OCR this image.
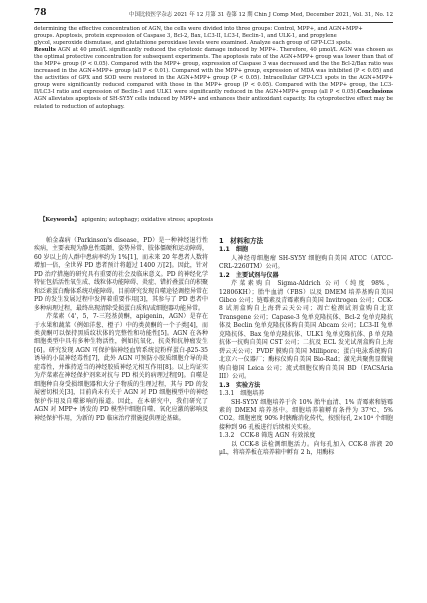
78	中国比较医学杂志 2021 年 12 月第 31 卷第 12 期 Chin J Comp Med, December 2021, Vol. 31, No. 12

determining the effective concentration of AGN, the cells were divided into three groups: Control, MPP+, and AGN+MPP+

groups. Apoptosis, protein expression of Caspase 3, Bcl-2, Bax, LC3-II, LC3-I, Beclin-1, and ULK-1, and propylene

glycol, superoxide dismutase, and glutathione peroxidase levels were examined. Analyze each group of GFP-LC3 spots.

Results AGN at 40 μmol/L significantly reduced the cytotoxic damage induced by MPP+. Therefore, 40 μmol/L AGN was chosen as the optimal protective concentration for subsequent experiments. The apoptosis rate of the AGN+MPP+ group was lower than that of the MPP+ group (P < 0.05). Compared with the MPP+ group, expression of Caspase 3 was decreased and the the Bcl-2/Bax ratio was increased in the AGN+MPP+ group (all P < 0.01). Compared with the MPP+ group, expression of MDA was inhibited (P < 0.05) and the activities of GPX and SOD were restored in the AGN+MPP+ group (P < 0.05). Intracellular GFP-LC3 spots in the AGN+MPP+ group were significantly reduced compared with those in the MPP+ group (P < 0.05). Compared with the MPP+ group, the LC3-II/LC3-I ratio and expression of Beclin-1 and ULK1 were significantly reduced in the AGN+MPP+ group (all P < 0.05).Conclusions AGN alleviates apoptosis of SH-SY5Y cells induced by MPP+ and enhances their antioxidant capacity. Its cytoprotective effect may be related to reduction of autophagy.

【Keywords】 apigenin; autophagy; oxidative stress; apoptosis

帕金森病（Parkinson's disease，PD）是一种神经退行性疾病，主要表现为静息性震颤、姿势异常、肢体僵硬和运动障碍，60 岁以上的人群中患病率约为 1%[1]，而未来 20 年患者人数将增加一倍，全世界 PD 患者预计将超过 1400 万[2]。因此，针对 PD 治疗措施的研究具有重要的社会及临床意义。PD 的神经化学特征包括活性氧生成、线粒体功能障碍、炎症、错折叠蛋白的积聚和泛素蛋白酶体系统功能障碍。目前研究发现自噬途径调控异常在 PD 的发生发展过程中发挥着重要作用[3]，其参与了 PD 患者中多种病理过程，最终出现清除受损蛋白质和/或细胞器功能异常。

芹菜素（4'，5，7-三羟基黄酮，apigenin，AGN）是存在于水果和蔬菜（例如洋葱、橙子）中的类黄酮的一个子类[4]，而类黄酮可以保持黑质纹状体的完整性和功能性[5]。AGN 在各种细胞类型中具有多种生物活性，例如抗氧化、抗炎和抗肿瘤发生[6]。研究发现 AGN 可保护脑神经血管系统淀粉样蛋白-β25-35诱导的小鼠神经毒性[7]，此外 AGN 可预防小胶质细胞介导的炎症毒性，并维持适当的神经胶质神经元相互作用[8]。以上均证实为芹菜素在神经保护剂来对抗与 PD 相关的病理过程[9]。自噬是细胞种自身受损细胞器和大分子物质的生理过程，其与 PD 的发展密切相关[3]，目前尚未有关于 AGN 对 PD 细胞模型中的神经保护作用及自噬影响的报道。因此，在本研究中，我们研究了 AGN 对 MPP+ 诱发的 PD 模型中细胞自噬、氧化应激的影响及神经保护作用，为新的 PD 临床治疗措施提供理论基础。

1　材料和方法

1.1　细胞

人神经母细胞瘤 SH-SY5Y 细胞购自美国 ATCC（ATCC-CRL-2260TM）公司。

1.2　主要试剂与仪器

芹菜素购自 Sigma-Aldrich 公司（纯度 98%，12806KH）；胎牛血清（FBS）以及 DMEM 培养基购自美国 Gibco 公司；链霉素及青霉素购自美国 Invitrogen 公司；CCK-8 试剂盒购自上海碧云天公司；凋亡检测试剂盒购自北京 Transgene 公司；Capase-3 兔单克隆抗体、Bcl-2 兔单克隆抗体及 Beclin 兔单克隆抗体购自美国 Abcam 公司；LC3-II 兔单克隆抗体、Bax 兔单克隆抗体、ULK1 兔单克隆抗体、β 单克隆抗体一抗购自美国 CST 公司；二抗及 ECL 发光试剂盒购自上海碧云天公司；PVDF 膜购自美国 Millipore；蛋白电泳系统购自北京六一仪器厂；酶标仪购自美国 Bio-Rad；激光共聚焦显微镜购自德国 Leica 公司；流式细胞仪购自美国 BD（FACSAria III）公司。

1.3　实验方法

1.3.1　细胞培养

SH-SY5Y 细胞培养于含 10% 胎牛血清、1% 青霉素和链霉素的 DMEM 培养基中。细胞培养箱孵育条件为 37℃、5% CO2。细胞密度 90% 时胰酶消化传代，按照每孔 2×10⁴ 个细胞接种到 96 孔板进行后续相关实验。

1.3.2　CCK-8 筛选 AGN 有效浓度

以 CCK-8 法检测细胞活力。向每孔加入 CCK-8 溶液 20 μL，将培养板在培养箱中孵育 2 h，用酶标
